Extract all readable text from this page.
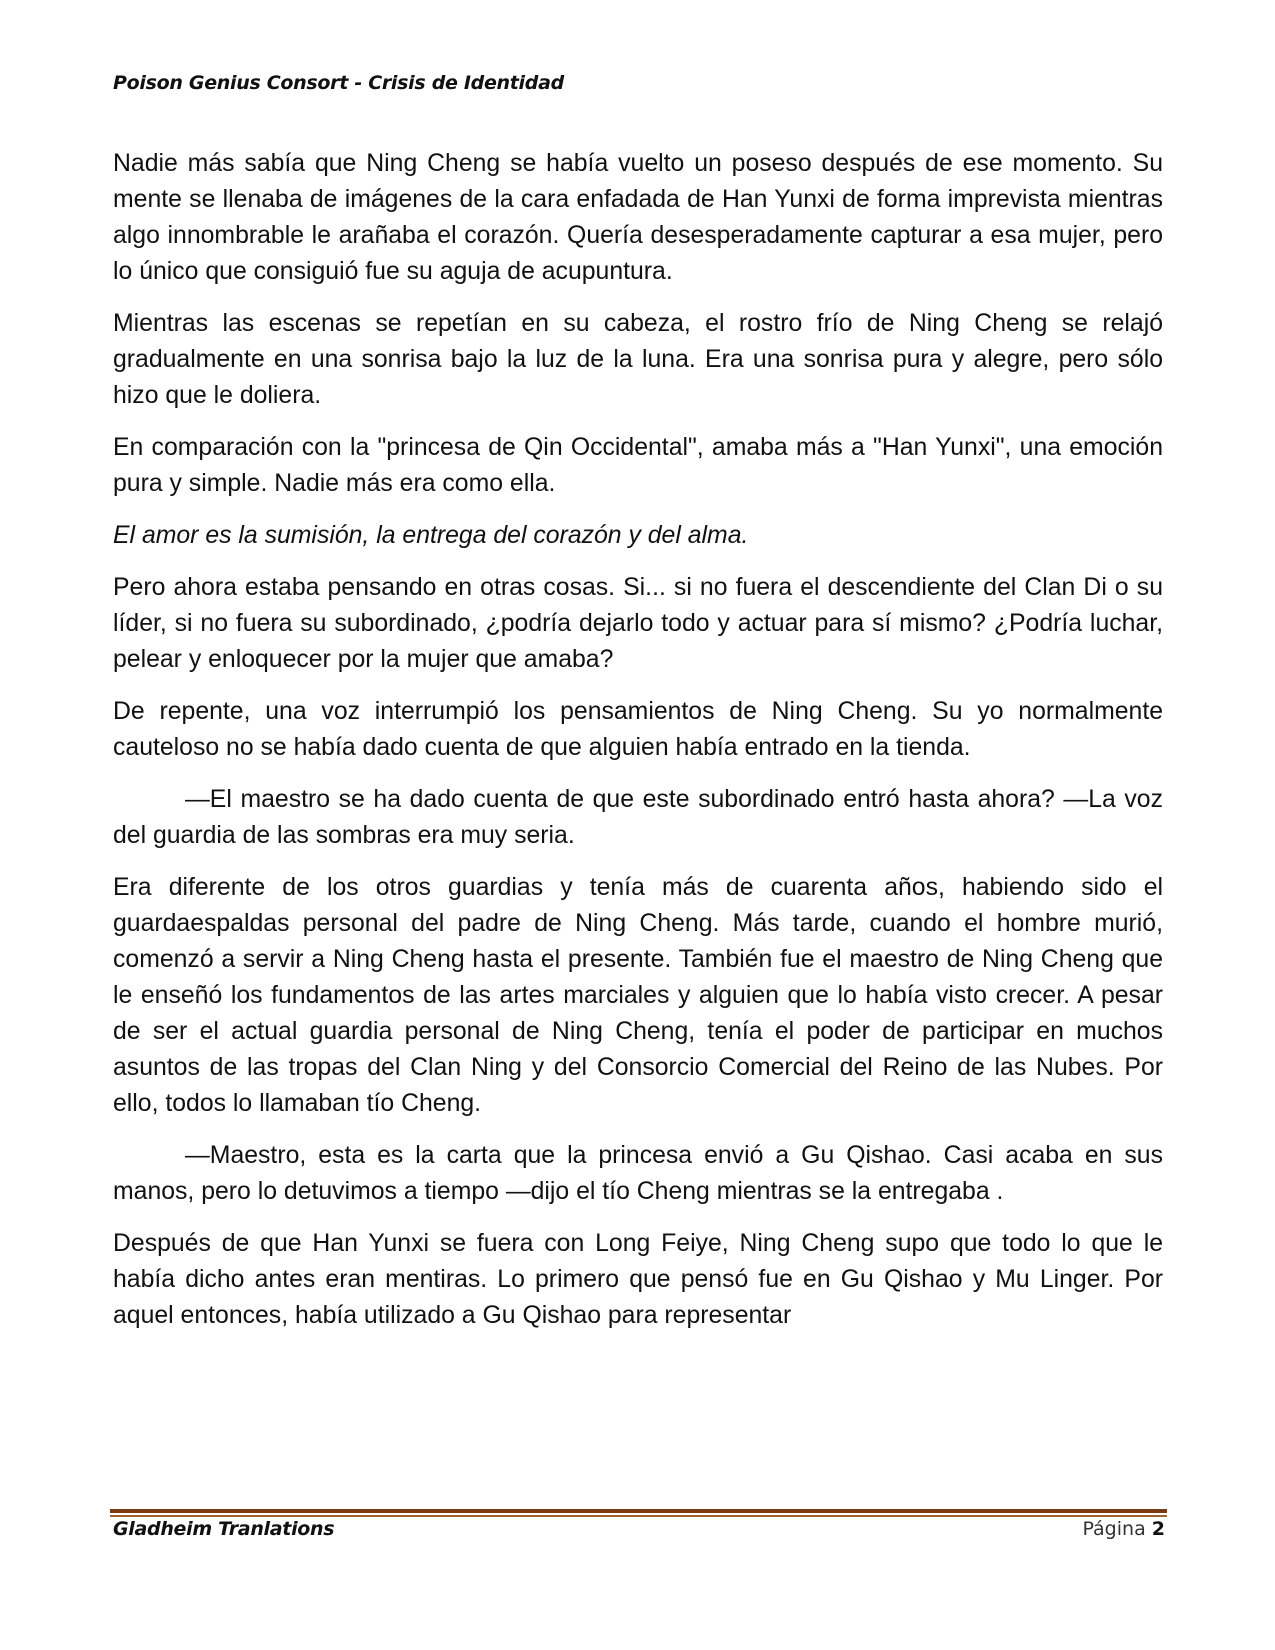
Poison Genius Consort - Crisis de Identidad

Nadie más sabía que Ning Cheng se había vuelto un poseso después de ese momento. Su mente se llenaba de imágenes de la cara enfadada de Han Yunxi de forma imprevista mientras algo innombrable le arañaba el corazón. Quería desesperadamente capturar a esa mujer, pero lo único que consiguió fue su aguja de acupuntura.

Mientras las escenas se repetían en su cabeza, el rostro frío de Ning Cheng se relajó gradualmente en una sonrisa bajo la luz de la luna. Era una sonrisa pura y alegre, pero sólo hizo que le doliera.

En comparación con la "princesa de Qin Occidental", amaba más a "Han Yunxi", una emoción pura y simple. Nadie más era como ella.

El amor es la sumisión, la entrega del corazón y del alma.

Pero ahora estaba pensando en otras cosas. Si... si no fuera el descendiente del Clan Di o su líder, si no fuera su subordinado, ¿podría dejarlo todo y actuar para sí mismo? ¿Podría luchar, pelear y enloquecer por la mujer que amaba?

De repente, una voz interrumpió los pensamientos de Ning Cheng. Su yo normalmente cauteloso no se había dado cuenta de que alguien había entrado en la tienda.

—El maestro se ha dado cuenta de que este subordinado entró hasta ahora? —La voz del guardia de las sombras era muy seria.

Era diferente de los otros guardias y tenía más de cuarenta años, habiendo sido el guardaespaldas personal del padre de Ning Cheng. Más tarde, cuando el hombre murió, comenzó a servir a Ning Cheng hasta el presente. También fue el maestro de Ning Cheng que le enseñó los fundamentos de las artes marciales y alguien que lo había visto crecer. A pesar de ser el actual guardia personal de Ning Cheng, tenía el poder de participar en muchos asuntos de las tropas del Clan Ning y del Consorcio Comercial del Reino de las Nubes. Por ello, todos lo llamaban tío Cheng.

—Maestro, esta es la carta que la princesa envió a Gu Qishao. Casi acaba en sus manos, pero lo detuvimos a tiempo —dijo el tío Cheng mientras se la entregaba .

Después de que Han Yunxi se fuera con Long Feiye, Ning Cheng supo que todo lo que le había dicho antes eran mentiras. Lo primero que pensó fue en Gu Qishao y Mu Linger. Por aquel entonces, había utilizado a Gu Qishao para representar

Gladheim Tranlations	Página 2
